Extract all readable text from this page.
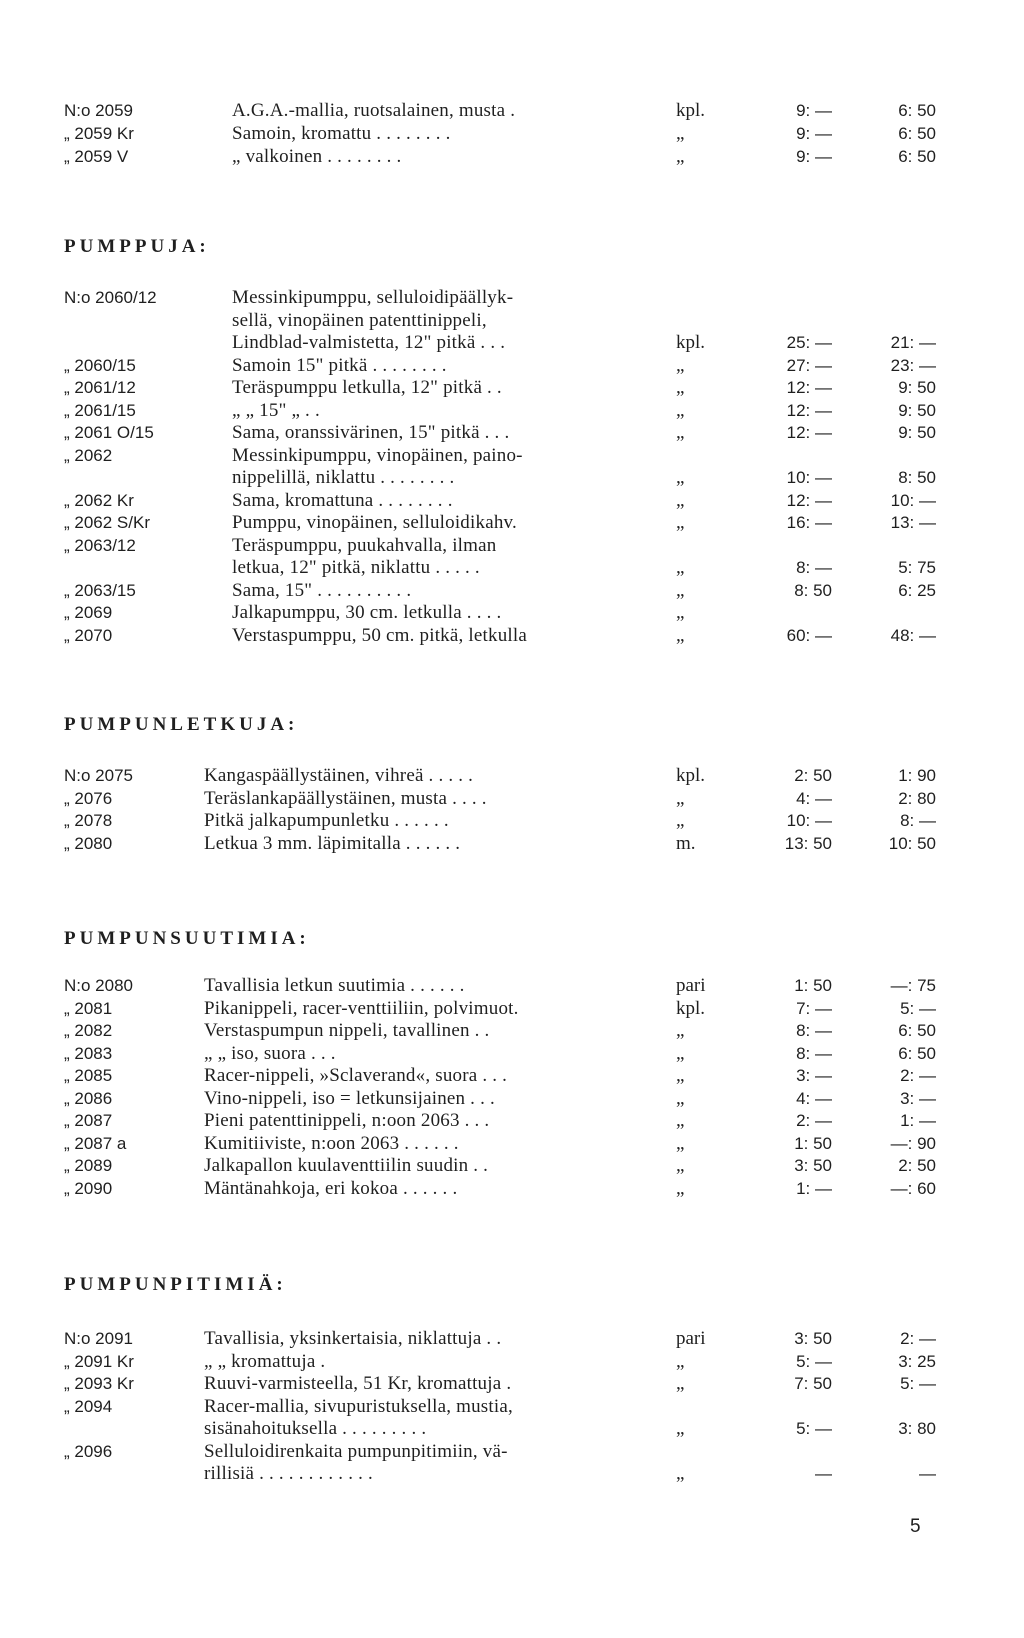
N:o 2059	A.G.A.-mallia, ruotsalainen, musta .	kpl.	9: —	6: 50
„ 2059 Kr	Samoin, kromattu . . . . . . . .	„	9: —	6: 50
„ 2059 V	„ valkoinen . . . . . . . .	„	9: —	6: 50
PUMPPUJA:
N:o 2060/12	Messinkipumppu, selluloidipäällyk-
sellä, vinopäinen patenttinippeli,
Lindblad-valmistetta, 12" pitkä . . .	kpl.	25: —	21: —
„ 2060/15	Samoin 15" pitkä . . . . . . . .	„	27: —	23: —
„ 2061/12	Teräspumppu letkulla, 12" pitkä . .	„	12: —	9: 50
„ 2061/15	„ „ 15" „ . .	„	12: —	9: 50
„ 2061 O/15	Sama, oranssivärinen, 15" pitkä . . .	„	12: —	9: 50
„ 2062	Messinkipumppu, vinopäinen, paino-
nippelillä, niklattu . . . . . . . .	„	10: —	8: 50
„ 2062 Kr	Sama, kromattuna . . . . . . . .	„	12: —	10: —
„ 2062 S/Kr	Pumppu, vinopäinen, selluloidikahv.	„	16: —	13: —
„ 2063/12	Teräspumppu, puukahvalla, ilman
letkua, 12" pitkä, niklattu . . . . .	„	8: —	5: 75
„ 2063/15	Sama, 15" . . . . . . . . . .	„	8: 50	6: 25
„ 2069	Jalkapumppu, 30 cm. letkulla . . . .	„
„ 2070	Verstaspumppu, 50 cm. pitkä, letkulla	„	60: —	48: —
PUMPUNLETKUJA:
N:o 2075	Kangaspäällystäinen, vihreä . . . . .	kpl.	2: 50	1: 90
„ 2076	Teräslankapäällystäinen, musta . . . .	„	4: —	2: 80
„ 2078	Pitkä jalkapumpunletku . . . . . .	„	10: —	8: —
„ 2080	Letkua 3 mm. läpimitalla . . . . . .	m.	13: 50	10: 50
PUMPUNSUUTIMIA:
N:o 2080	Tavallisia letkun suutimia . . . . . .	pari	1: 50	—: 75
„ 2081	Pikanippeli, racer-venttiiliin, polvimuot.	kpl.	7: —	5: —
„ 2082	Verstaspumpun nippeli, tavallinen . .	„	8: —	6: 50
„ 2083	„ „ iso, suora . . .	„	8: —	6: 50
„ 2085	Racer-nippeli, »Sclaverand«, suora . . .	„	3: —	2: —
„ 2086	Vino-nippeli, iso = letkunsijainen . . .	„	4: —	3: —
„ 2087	Pieni patenttinippeli, n:oon 2063 . . .	„	2: —	1: —
„ 2087 a	Kumitiiviste, n:oon 2063 . . . . . .	„	1: 50	—: 90
„ 2089	Jalkapallon kuulaventtiilin suudin . .	„	3: 50	2: 50
„ 2090	Mäntänahkoja, eri kokoa . . . . . .	„	1: —	—: 60
PUMPUNPITIMIÄ:
N:o 2091	Tavallisia, yksinkertaisia, niklattuja . .	pari	3: 50	2: —
„ 2091 Kr	„ „ kromattuja .	„	5: —	3: 25
„ 2093 Kr	Ruuvi-varmisteella, 51 Kr, kromattuja .	„	7: 50	5: —
„ 2094	Racer-mallia, sivupuristuksella, mustia,
sisänahoituksella . . . . . . . . .	„	5: —	3: 80
„ 2096	Selluloidirenkaita pumpunpitimiin, vä-
rillisiä . . . . . . . . . . . .	„	—	—
5
